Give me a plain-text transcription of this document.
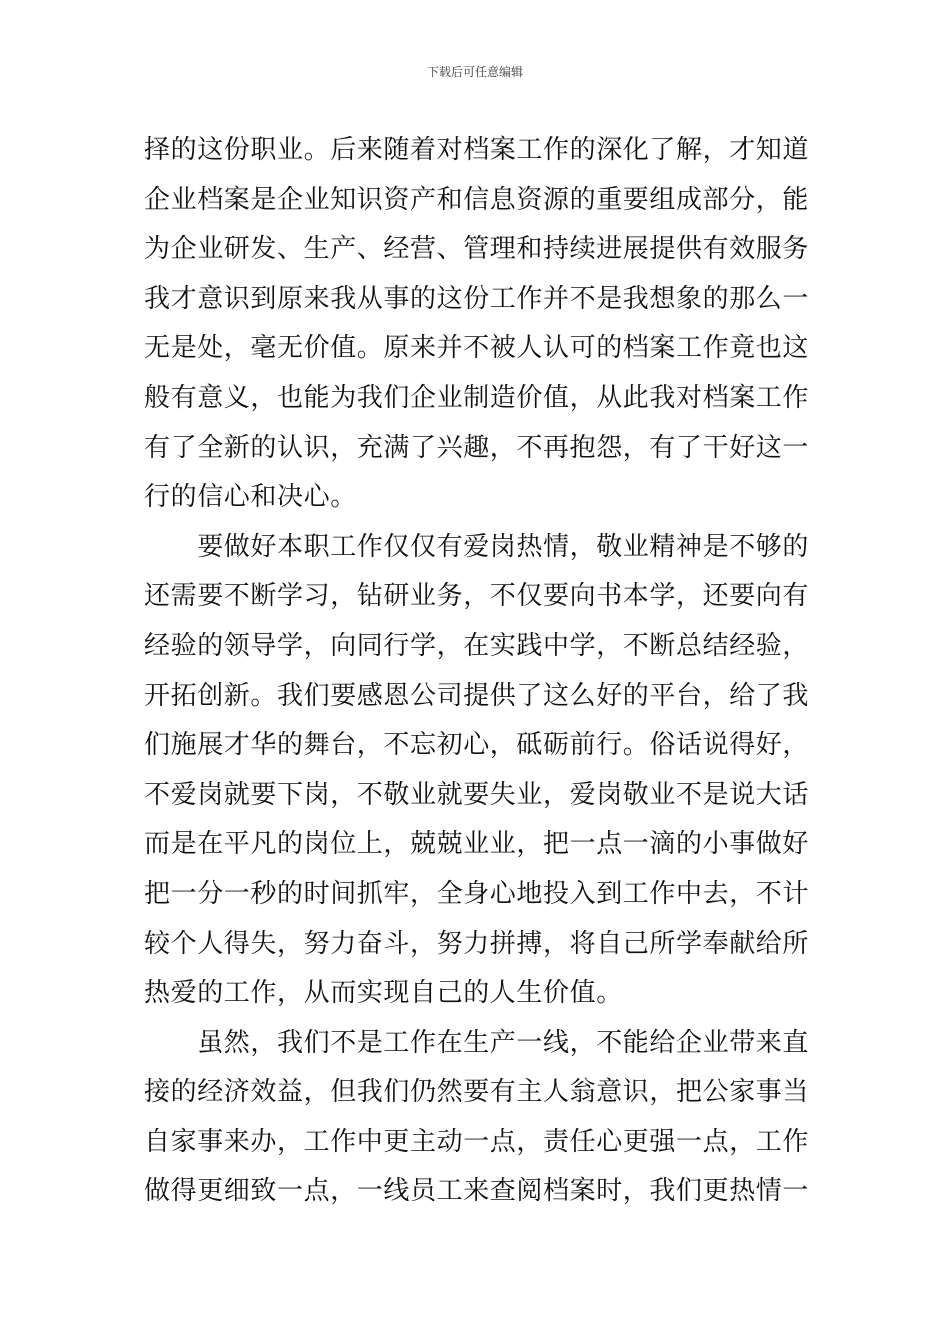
下载后可任意编辑
择的这份职业。后来随着对档案工作的深化了解，才知道
企业档案是企业知识资产和信息资源的重要组成部分，能
为企业研发、生产、经营、管理和持续进展提供有效服务
我才意识到原来我从事的这份工作并不是我想象的那么一
无是处，毫无价值。原来并不被人认可的档案工作竟也这
般有意义，也能为我们企业制造价值，从此我对档案工作
有了全新的认识，充满了兴趣，不再抱怨，有了干好这一
行的信心和决心。
　　要做好本职工作仅仅有爱岗热情，敬业精神是不够的
还需要不断学习，钻研业务，不仅要向书本学，还要向有
经验的领导学，向同行学，在实践中学，不断总结经验，
开拓创新。我们要感恩公司提供了这么好的平台，给了我
们施展才华的舞台，不忘初心，砥砺前行。俗话说得好，
不爱岗就要下岗，不敬业就要失业，爱岗敬业不是说大话
而是在平凡的岗位上，兢兢业业，把一点一滴的小事做好
把一分一秒的时间抓牢，全身心地投入到工作中去，不计
较个人得失，努力奋斗，努力拼搏，将自己所学奉献给所
热爱的工作，从而实现自己的人生价值。
　　虽然，我们不是工作在生产一线，不能给企业带来直
接的经济效益，但我们仍然要有主人翁意识，把公家事当
自家事来办，工作中更主动一点，责任心更强一点，工作
做得更细致一点，一线员工来查阅档案时，我们更热情一
